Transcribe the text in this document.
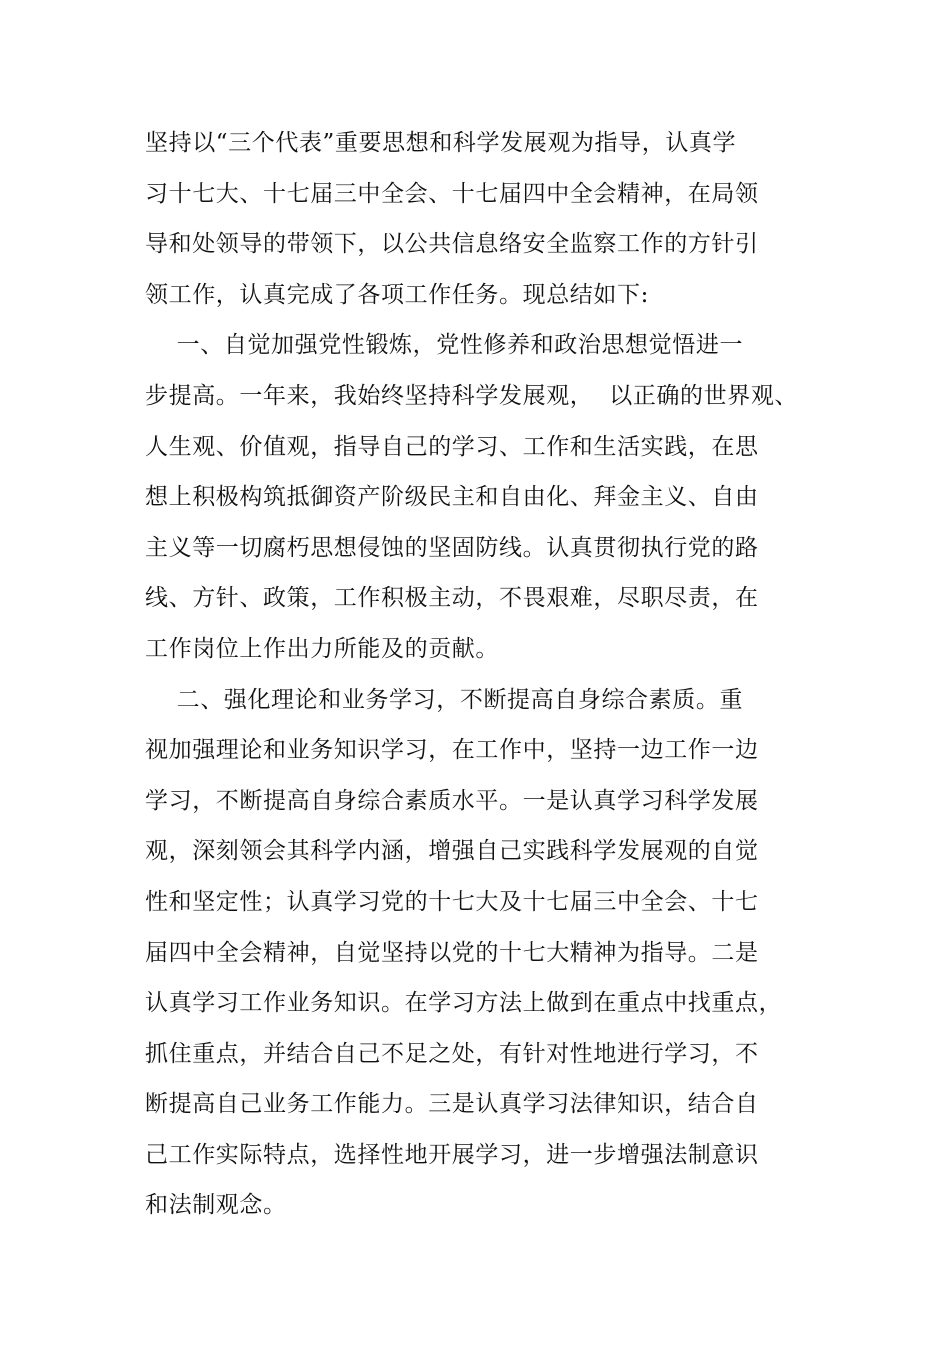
坚持以“三个代表”重要思想和科学发展观为指导，认真学
习十七大、十七届三中全会、十七届四中全会精神，在局领
导和处领导的带领下，以公共信息络安全监察工作的方针引
领工作，认真完成了各项工作任务。现总结如下:
一、自觉加强党性锻炼，党性修养和政治思想觉悟进一
步提高。一年来，我始终坚持科学发展观，  以正确的世界观、
人生观、价值观，指导自己的学习、工作和生活实践，在思
想上积极构筑抵御资产阶级民主和自由化、拜金主义、自由
主义等一切腐朽思想侵蚀的坚固防线。认真贯彻执行党的路
线、方针、政策，工作积极主动，不畏艰难，尽职尽责，在
工作岗位上作出力所能及的贡献。
二、强化理论和业务学习，不断提高自身综合素质。重
视加强理论和业务知识学习，在工作中，坚持一边工作一边
学习，不断提高自身综合素质水平。一是认真学习科学发展
观，深刻领会其科学内涵，增强自己实践科学发展观的自觉
性和坚定性；认真学习党的十七大及十七届三中全会、十七
届四中全会精神，自觉坚持以党的十七大精神为指导。二是
认真学习工作业务知识。在学习方法上做到在重点中找重点，
抓住重点，并结合自己不足之处，有针对性地进行学习，不
断提高自己业务工作能力。三是认真学习法律知识，结合自
己工作实际特点，选择性地开展学习，进一步增强法制意识
和法制观念。
